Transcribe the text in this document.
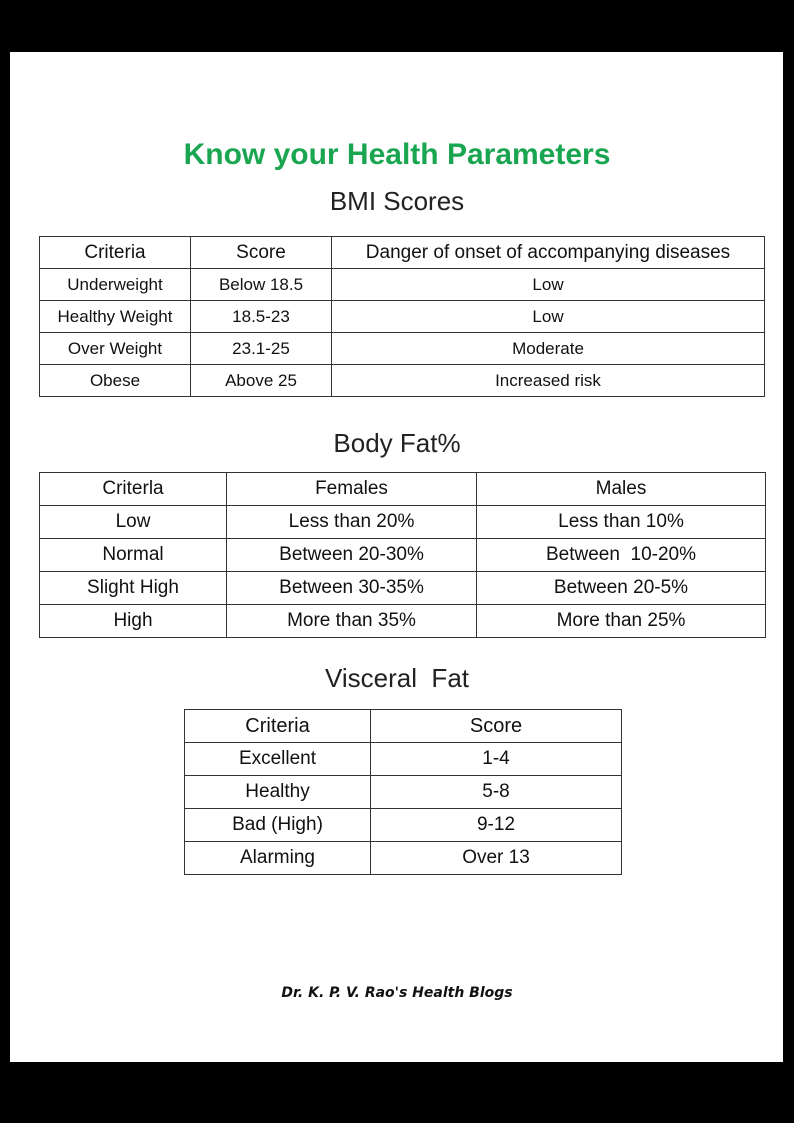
Know your Health Parameters
BMI Scores
Criteria	Score	Danger of onset of accompanying diseases
Underweight	Below 18.5	Low
Healthy Weight	18.5-23	Low
Over Weight	23.1-25	Moderate
Obese	Above 25	Increased risk
Body Fat%
Criterla	Females	Males
Low	Less than 20%	Less than 10%
Normal	Between 20-30%	Between  10-20%
Slight High	Between 30-35%	Between 20-5%
High	More than 35%	More than 25%
Visceral  Fat
Criteria	Score
Excellent	1-4
Healthy	5-8
Bad (High)	9-12
Alarming	Over 13
Dr. K. P. V. Rao's Health Blogs
